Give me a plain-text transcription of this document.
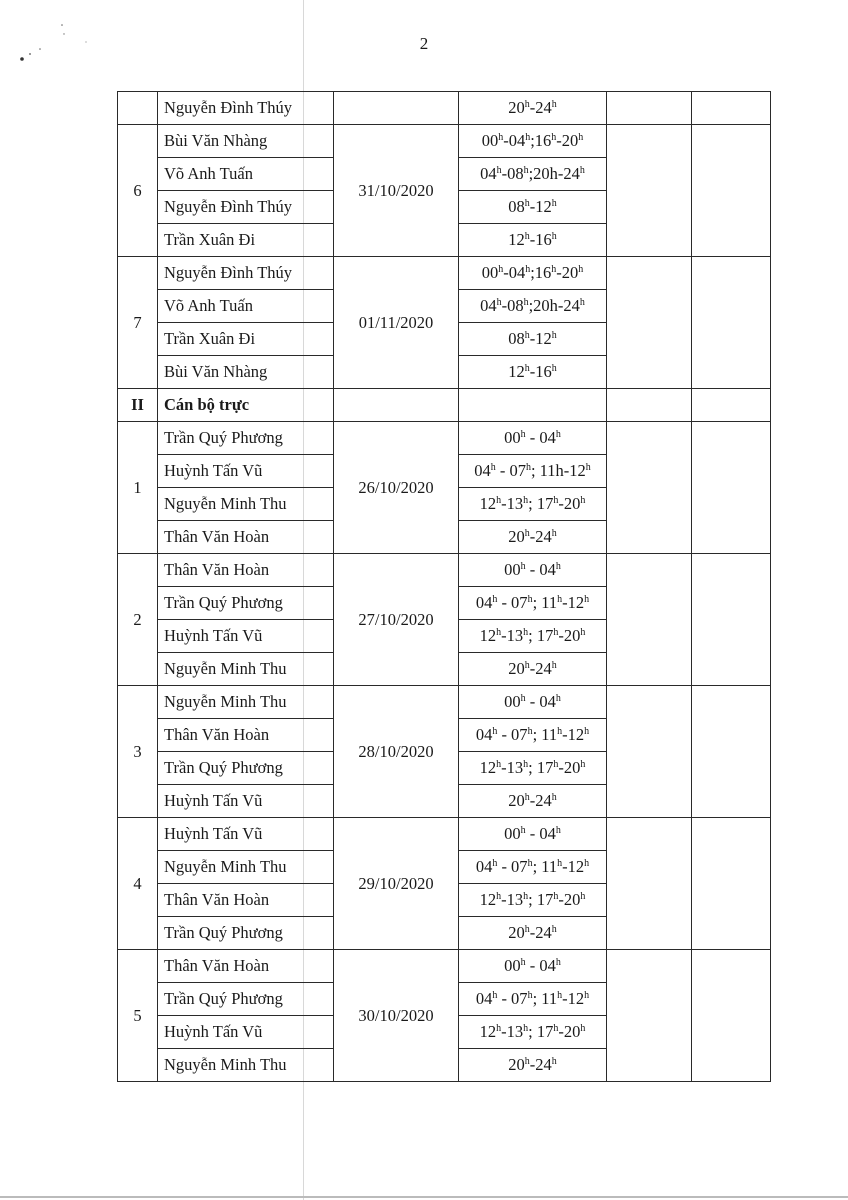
2
	Nguyễn Đình Thúy		20$^h$-24$^h$		
6	Bùi Văn Nhàng	31/10/2020	00$^h$-04$^h$;16$^h$-20$^h$		
	Võ Anh Tuấn		04$^h$-08$^h$;20h-24$^h$
	Nguyễn Đình Thúy		08$^h$-12$^h$
	Trần Xuân Đi		12$^h$-16$^h$
7	Nguyễn Đình Thúy	01/11/2020	00$^h$-04$^h$;16$^h$-20$^h$		
	Võ Anh Tuấn		04$^h$-08$^h$;20h-24$^h$
	Trần Xuân Đi		08$^h$-12$^h$
	Bùi Văn Nhàng		12$^h$-16$^h$
II	Cán bộ trực				
1	Trần Quý Phương	26/10/2020	00$^h$ - 04$^h$		
	Huỳnh Tấn Vũ		04$^h$ - 07$^h$; 11h-12$^h$
	Nguyễn Minh Thu		12$^h$-13$^h$; 17$^h$-20$^h$
	Thân Văn Hoàn		20$^h$-24$^h$
2	Thân Văn Hoàn	27/10/2020	00$^h$ - 04$^h$		
	Trần Quý Phương		04$^h$ - 07$^h$; 11$^h$-12$^h$
	Huỳnh Tấn Vũ		12$^h$-13$^h$; 17$^h$-20$^h$
	Nguyễn Minh Thu		20$^h$-24$^h$
3	Nguyễn Minh Thu	28/10/2020	00$^h$ - 04$^h$		
	Thân Văn Hoàn		04$^h$ - 07$^h$; 11$^h$-12$^h$
	Trần Quý Phương		12$^h$-13$^h$; 17$^h$-20$^h$
	Huỳnh Tấn Vũ		20$^h$-24$^h$
4	Huỳnh Tấn Vũ	29/10/2020	00$^h$ - 04$^h$		
	Nguyễn Minh Thu		04$^h$ - 07$^h$; 11$^h$-12$^h$
	Thân Văn Hoàn		12$^h$-13$^h$; 17$^h$-20$^h$
	Trần Quý Phương		20$^h$-24$^h$
5	Thân Văn Hoàn	30/10/2020	00$^h$ - 04$^h$		
	Trần Quý Phương		04$^h$ - 07$^h$; 11$^h$-12$^h$
	Huỳnh Tấn Vũ		12$^h$-13$^h$; 17$^h$-20$^h$
	Nguyễn Minh Thu		20$^h$-24$^h$
